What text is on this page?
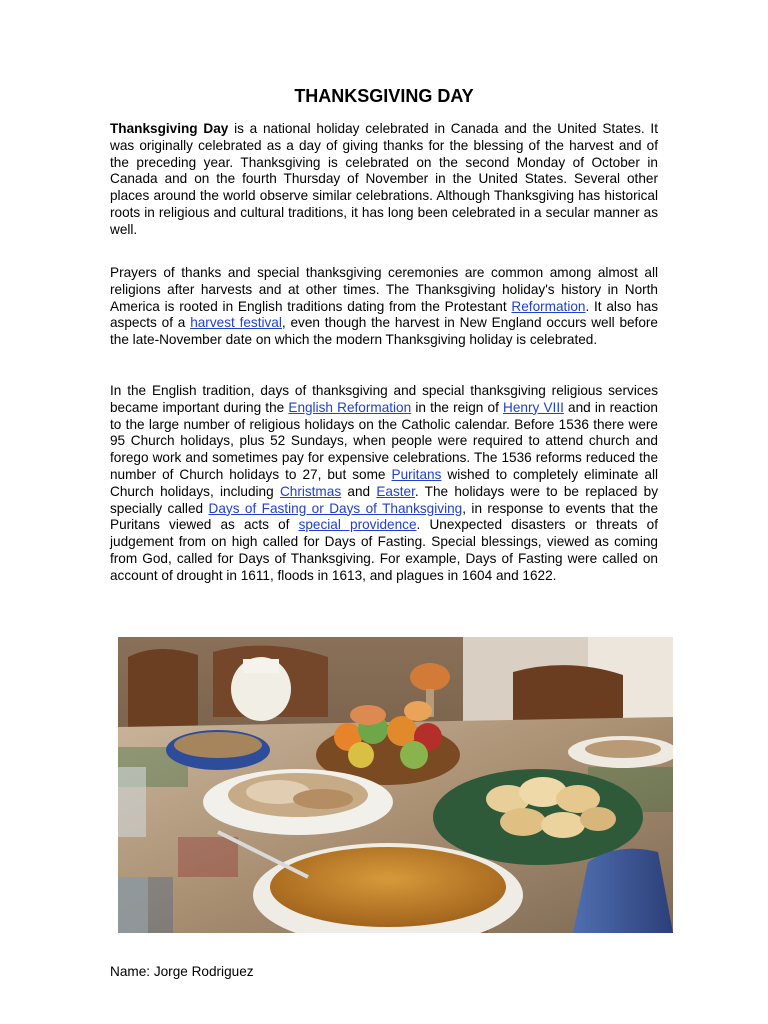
THANKSGIVING DAY

Thanksgiving Day is a national holiday celebrated in Canada and the United States. It was originally celebrated as a day of giving thanks for the blessing of the harvest and of the preceding year. Thanksgiving is celebrated on the second Monday of October in Canada and on the fourth Thursday of November in the United States. Several other places around the world observe similar celebrations. Although Thanksgiving has historical roots in religious and cultural traditions, it has long been celebrated in a secular manner as well.

Prayers of thanks and special thanksgiving ceremonies are common among almost all religions after harvests and at other times. The Thanksgiving holiday's history in North America is rooted in English traditions dating from the Protestant Reformation. It also has aspects of a harvest festival, even though the harvest in New England occurs well before the late-November date on which the modern Thanksgiving holiday is celebrated.

In the English tradition, days of thanksgiving and special thanksgiving religious services became important during the English Reformation in the reign of Henry VIII and in reaction to the large number of religious holidays on the Catholic calendar. Before 1536 there were 95 Church holidays, plus 52 Sundays, when people were required to attend church and forego work and sometimes pay for expensive celebrations. The 1536 reforms reduced the number of Church holidays to 27, but some Puritans wished to completely eliminate all Church holidays, including Christmas and Easter. The holidays were to be replaced by specially called Days of Fasting or Days of Thanksgiving, in response to events that the Puritans viewed as acts of special providence. Unexpected disasters or threats of judgement from on high called for Days of Fasting. Special blessings, viewed as coming from God, called for Days of Thanksgiving. For example, Days of Fasting were called on account of drought in 1611, floods in 1613, and plagues in 1604 and 1622.

Name: Jorge Rodriguez
